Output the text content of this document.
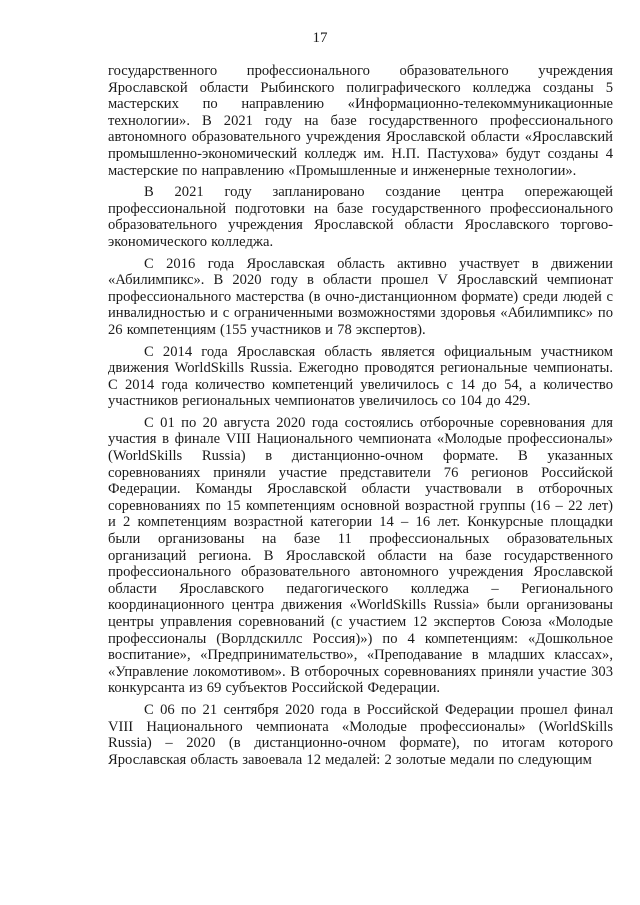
17

государственного профессионального образовательного учреждения Ярославской области Рыбинского полиграфического колледжа созданы 5 мастерских по направлению «Информационно-телекоммуникационные технологии». В 2021 году на базе государственного профессионального автономного образовательного учреждения Ярославской области «Ярославский промышленно-экономический колледж им. Н.П. Пастухова» будут созданы 4 мастерские по направлению «Промышленные и инженерные технологии».

В 2021 году запланировано создание центра опережающей профессиональной подготовки на базе государственного профессионального образовательного учреждения Ярославской области Ярославского торгово-экономического колледжа.

С 2016 года Ярославская область активно участвует в движении «Абилимпикс». В 2020 году в области прошел V Ярославский чемпионат профессионального мастерства (в очно-дистанционном формате) среди людей с инвалидностью и с ограниченными возможностями здоровья «Абилимпикс» по 26 компетенциям (155 участников и 78 экспертов).

С 2014 года Ярославская область является официальным участником движения WorldSkills Russia. Ежегодно проводятся региональные чемпионаты. С 2014 года количество компетенций увеличилось с 14 до 54, а количество участников региональных чемпионатов увеличилось со 104 до 429.

С 01 по 20 августа 2020 года состоялись отборочные соревнования для участия в финале VIII Национального чемпионата «Молодые профессионалы» (WorldSkills Russia) в дистанционно-очном формате. В указанных соревнованиях приняли участие представители 76 регионов Российской Федерации. Команды Ярославской области участвовали в отборочных соревнованиях по 15 компетенциям основной возрастной группы (16 – 22 лет) и 2 компетенциям возрастной категории 14 – 16 лет. Конкурсные площадки были организованы на базе 11 профессиональных образовательных организаций региона. В Ярославской области на базе государственного профессионального образовательного автономного учреждения Ярославской области Ярославского педагогического колледжа – Регионального координационного центра движения «WorldSkills Russia» были организованы центры управления соревнований (с участием 12 экспертов Союза «Молодые профессионалы (Ворлдскиллс Россия)») по 4 компетенциям: «Дошкольное воспитание», «Предпринимательство», «Преподавание в младших классах», «Управление локомотивом». В отборочных соревнованиях приняли участие 303 конкурсанта из 69 субъектов Российской Федерации.

С 06 по 21 сентября 2020 года в Российской Федерации прошел финал VIII Национального чемпионата «Молодые профессионалы» (WorldSkills Russia) – 2020 (в дистанционно-очном формате), по итогам которого Ярославская область завоевала 12 медалей: 2 золотые медали по следующим
